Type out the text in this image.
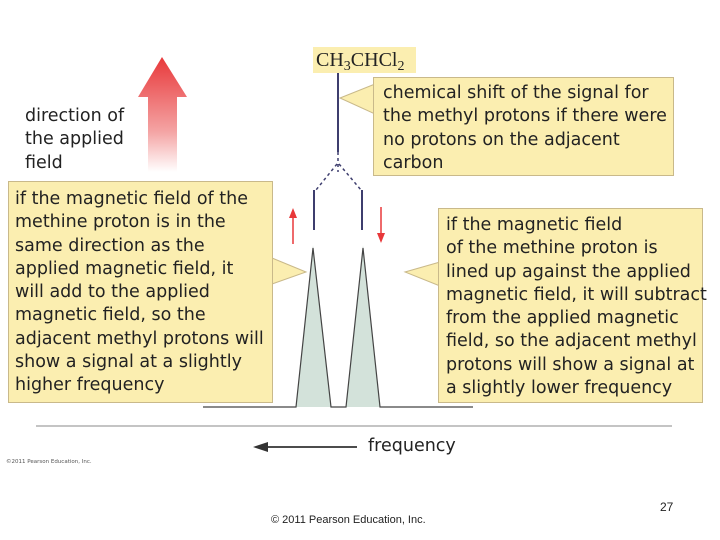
$CH_3CHCl_2$
direction of
the applied
field
chemical shift of the signal for
the methyl protons if there were
no protons on the adjacent
carbon
if the magnetic field of the
methine proton is in the
same direction as the
applied magnetic field, it
will add to the applied
magnetic field, so the
adjacent methyl protons will
show a signal at a slightly
higher frequency
if the magnetic field
of the methine proton is
lined up against the applied
magnetic field, it will subtract
from the applied magnetic
field, so the adjacent methyl
protons will show a signal at
a slightly lower frequency
frequency
©2011 Pearson Education, Inc.
27
© 2011 Pearson Education, Inc.
